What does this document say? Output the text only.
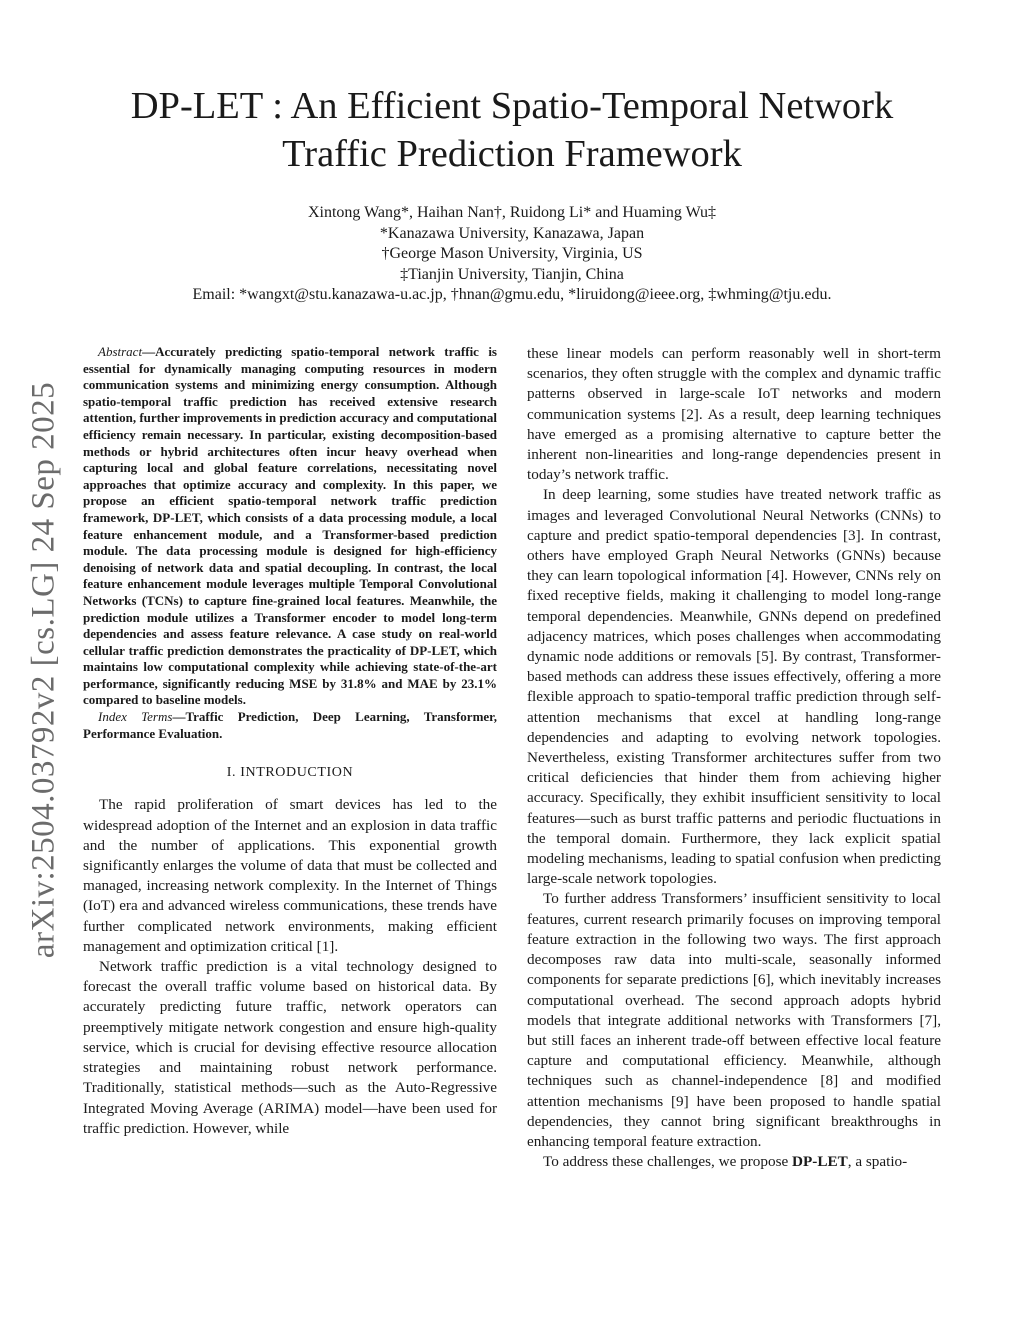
arXiv:2504.03792v2 [cs.LG] 24 Sep 2025
DP-LET : An Efficient Spatio-Temporal Network
Traffic Prediction Framework
Xintong Wang*, Haihan Nan†, Ruidong Li* and Huaming Wu‡
*Kanazawa University, Kanazawa, Japan
†George Mason University, Virginia, US
‡Tianjin University, Tianjin, China
Email: *wangxt@stu.kanazawa-u.ac.jp, †hnan@gmu.edu, *liruidong@ieee.org, ‡whming@tju.edu.

Abstract—Accurately predicting spatio-temporal network traffic is essential for dynamically managing computing resources in modern communication systems and minimizing energy consumption. Although spatio-temporal traffic prediction has received extensive research attention, further improvements in prediction accuracy and computational efficiency remain necessary. In particular, existing decomposition-based methods or hybrid architectures often incur heavy overhead when capturing local and global feature correlations, necessitating novel approaches that optimize accuracy and complexity. In this paper, we propose an efficient spatio-temporal network traffic prediction framework, DP-LET, which consists of a data processing module, a local feature enhancement module, and a Transformer-based prediction module. The data processing module is designed for high-efficiency denoising of network data and spatial decoupling. In contrast, the local feature enhancement module leverages multiple Temporal Convolutional Networks (TCNs) to capture fine-grained local features. Meanwhile, the prediction module utilizes a Transformer encoder to model long-term dependencies and assess feature relevance. A case study on real-world cellular traffic prediction demonstrates the practicality of DP-LET, which maintains low computational complexity while achieving state-of-the-art performance, significantly reducing MSE by 31.8% and MAE by 23.1% compared to baseline models.

Index Terms—Traffic Prediction, Deep Learning, Transformer, Performance Evaluation.

I. INTRODUCTION

The rapid proliferation of smart devices has led to the widespread adoption of the Internet and an explosion in data traffic and the number of applications. This exponential growth significantly enlarges the volume of data that must be collected and managed, increasing network complexity. In the Internet of Things (IoT) era and advanced wireless communications, these trends have further complicated network environments, making efficient management and optimization critical [1].

Network traffic prediction is a vital technology designed to forecast the overall traffic volume based on historical data. By accurately predicting future traffic, network operators can preemptively mitigate network congestion and ensure high-quality service, which is crucial for devising effective resource allocation strategies and maintaining robust network performance. Traditionally, statistical methods—such as the Auto-Regressive Integrated Moving Average (ARIMA) model—have been used for traffic prediction. However, while

these linear models can perform reasonably well in short-term scenarios, they often struggle with the complex and dynamic traffic patterns observed in large-scale IoT networks and modern communication systems [2]. As a result, deep learning techniques have emerged as a promising alternative to capture better the inherent non-linearities and long-range dependencies present in today’s network traffic.

In deep learning, some studies have treated network traffic as images and leveraged Convolutional Neural Networks (CNNs) to capture and predict spatio-temporal dependencies [3]. In contrast, others have employed Graph Neural Networks (GNNs) because they can learn topological information [4]. However, CNNs rely on fixed receptive fields, making it challenging to model long-range temporal dependencies. Meanwhile, GNNs depend on predefined adjacency matrices, which poses challenges when accommodating dynamic node additions or removals [5]. By contrast, Transformer-based methods can address these issues effectively, offering a more flexible approach to spatio-temporal traffic prediction through self-attention mechanisms that excel at handling long-range dependencies and adapting to evolving network topologies. Nevertheless, existing Transformer architectures suffer from two critical deficiencies that hinder them from achieving higher accuracy. Specifically, they exhibit insufficient sensitivity to local features—such as burst traffic patterns and periodic fluctuations in the temporal domain. Furthermore, they lack explicit spatial modeling mechanisms, leading to spatial confusion when predicting large-scale network topologies.

To further address Transformers’ insufficient sensitivity to local features, current research primarily focuses on improving temporal feature extraction in the following two ways. The first approach decomposes raw data into multi-scale, seasonally informed components for separate predictions [6], which inevitably increases computational overhead. The second approach adopts hybrid models that integrate additional networks with Transformers [7], but still faces an inherent trade-off between effective local feature capture and computational efficiency. Meanwhile, although techniques such as channel-independence [8] and modified attention mechanisms [9] have been proposed to handle spatial dependencies, they cannot bring significant breakthroughs in enhancing temporal feature extraction.

To address these challenges, we propose DP-LET, a spatio-
